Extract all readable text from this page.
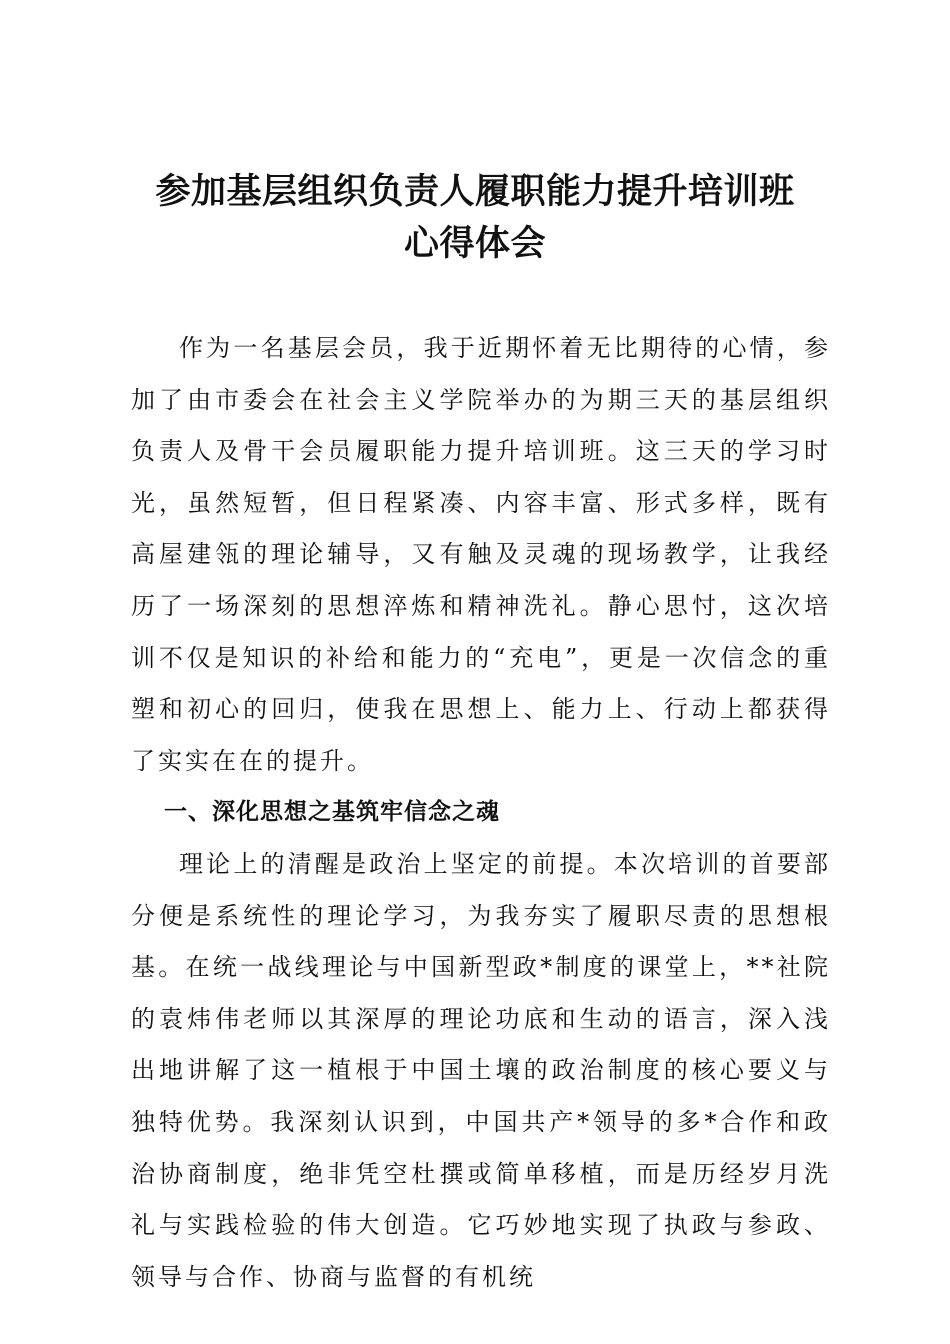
参加基层组织负责人履职能力提升培训班
心得体会

作为一名基层会员，我于近期怀着无比期待的心情，参加了由市委会在社会主义学院举办的为期三天的基层组织负责人及骨干会员履职能力提升培训班。这三天的学习时光，虽然短暂，但日程紧凑、内容丰富、形式多样，既有高屋建瓴的理论辅导，又有触及灵魂的现场教学，让我经历了一场深刻的思想淬炼和精神洗礼。静心思忖，这次培训不仅是知识的补给和能力的“充电”，更是一次信念的重塑和初心的回归，使我在思想上、能力上、行动上都获得了实实在在的提升。

一、深化思想之基筑牢信念之魂

理论上的清醒是政治上坚定的前提。本次培训的首要部分便是系统性的理论学习，为我夯实了履职尽责的思想根基。在统一战线理论与中国新型政*制度的课堂上，**社院的袁炜伟老师以其深厚的理论功底和生动的语言，深入浅出地讲解了这一植根于中国土壤的政治制度的核心要义与独特优势。我深刻认识到，中国共产*领导的多*合作和政治协商制度，绝非凭空杜撰或简单移植，而是历经岁月洗礼与实践检验的伟大创造。它巧妙地实现了执政与参政、领导与合作、协商与监督的有机统
